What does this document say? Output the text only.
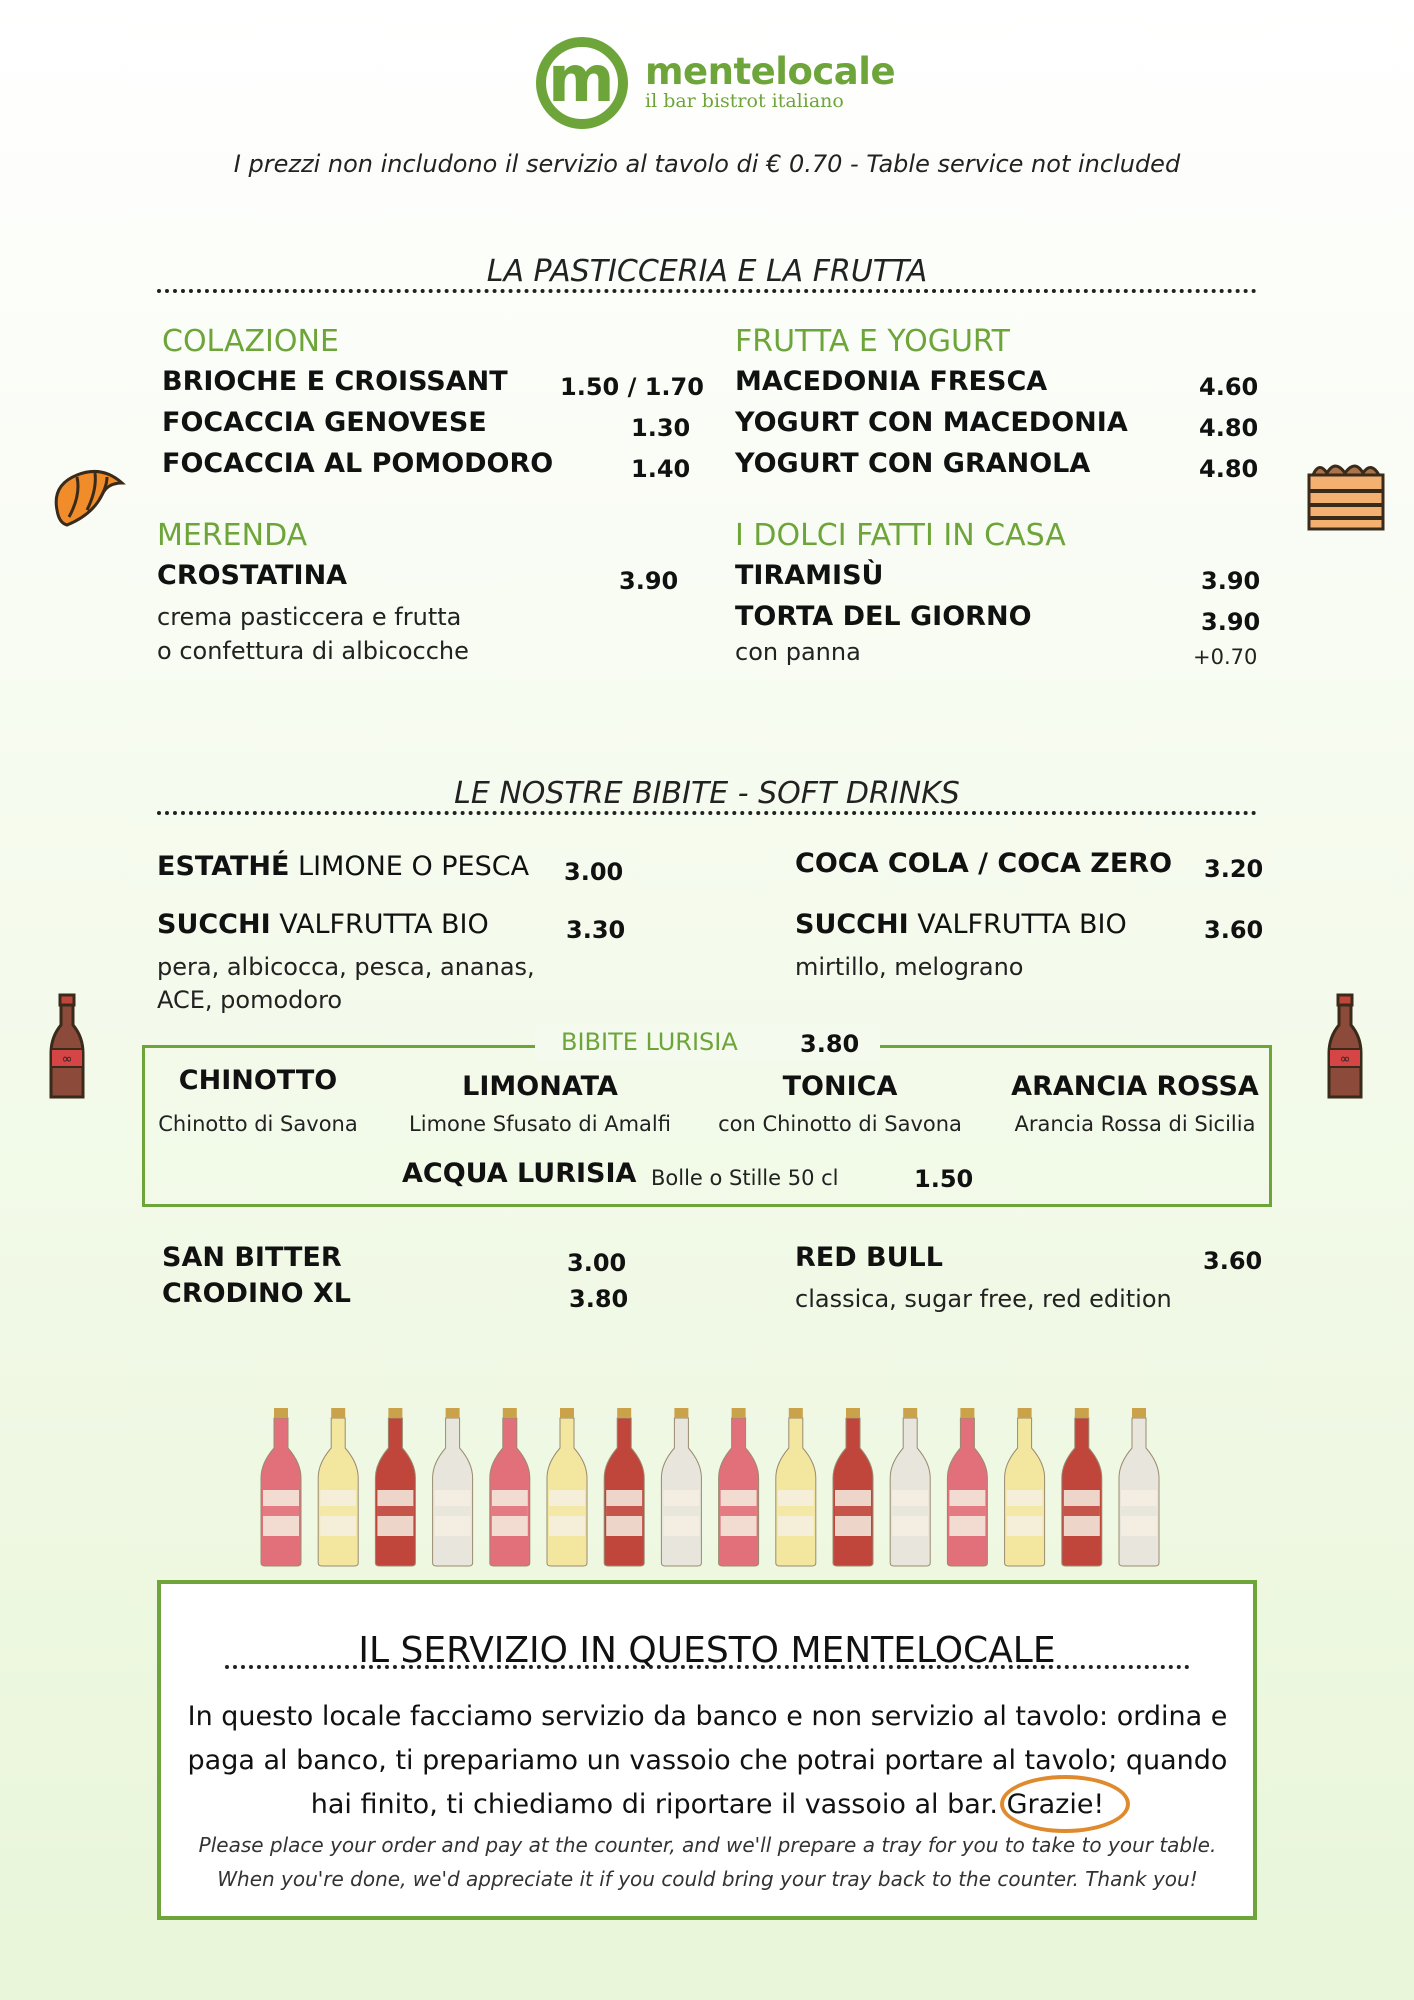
m mentelocale
il bar bistrot italiano
I prezzi non includono il servizio al tavolo di € 0.70 - Table service not included
LA PASTICCERIA E LA FRUTTA
COLAZIONE
BRIOCHE E CROISSANT 1.50 / 1.70
FOCACCIA GENOVESE	1.30
FOCACCIA AL POMODORO	1.40
FRUTTA E YOGURT
MACEDONIA FRESCA	4.60
YOGURT CON MACEDONIA	4.80
YOGURT CON GRANOLA	4.80
MERENDA
CROSTATINA	3.90
crema pasticcera e frutta
o confettura di albicocche
I DOLCI FATTI IN CASA
TIRAMISÙ	3.90
TORTA DEL GIORNO	3.90
con panna	+0.70
LE NOSTRE BIBITE - SOFT DRINKS
ESTATHÉ LIMONE O PESCA 3.00	COCA COLA / COCA ZERO 3.20
SUCCHI VALFRUTTA BIO	3.30
pera, albicocca, pesca, ananas,
ACE, pomodoro
SUCCHI VALFRUTTA BIO	3.60
mirtillo, melograno
∞	∞
BIBITE LURISIA	3.80
CHINOTTO
Chinotto di Savona
LIMONATA
Limone Sfusato di Amalfi
TONICA
con Chinotto di Savona
ARANCIA ROSSA
Arancia Rossa di Sicilia
ACQUA LURISIA Bolle o Stille 50 cl	1.50
SAN BITTER	3.00
CRODINO XL	3.80
RED BULL	3.60
classica, sugar free, red edition
IL SERVIZIO IN QUESTO MENTELOCALE
In questo locale facciamo servizio da banco e non servizio al tavolo: ordina e
paga al banco, ti prepariamo un vassoio che potrai portare al tavolo; quando
hai finito, ti chiediamo di riportare il vassoio al bar. Grazie!
Please place your order and pay at the counter, and we'll prepare a tray for you to take to your table.
When you're done, we'd appreciate it if you could bring your tray back to the counter. Thank you!
